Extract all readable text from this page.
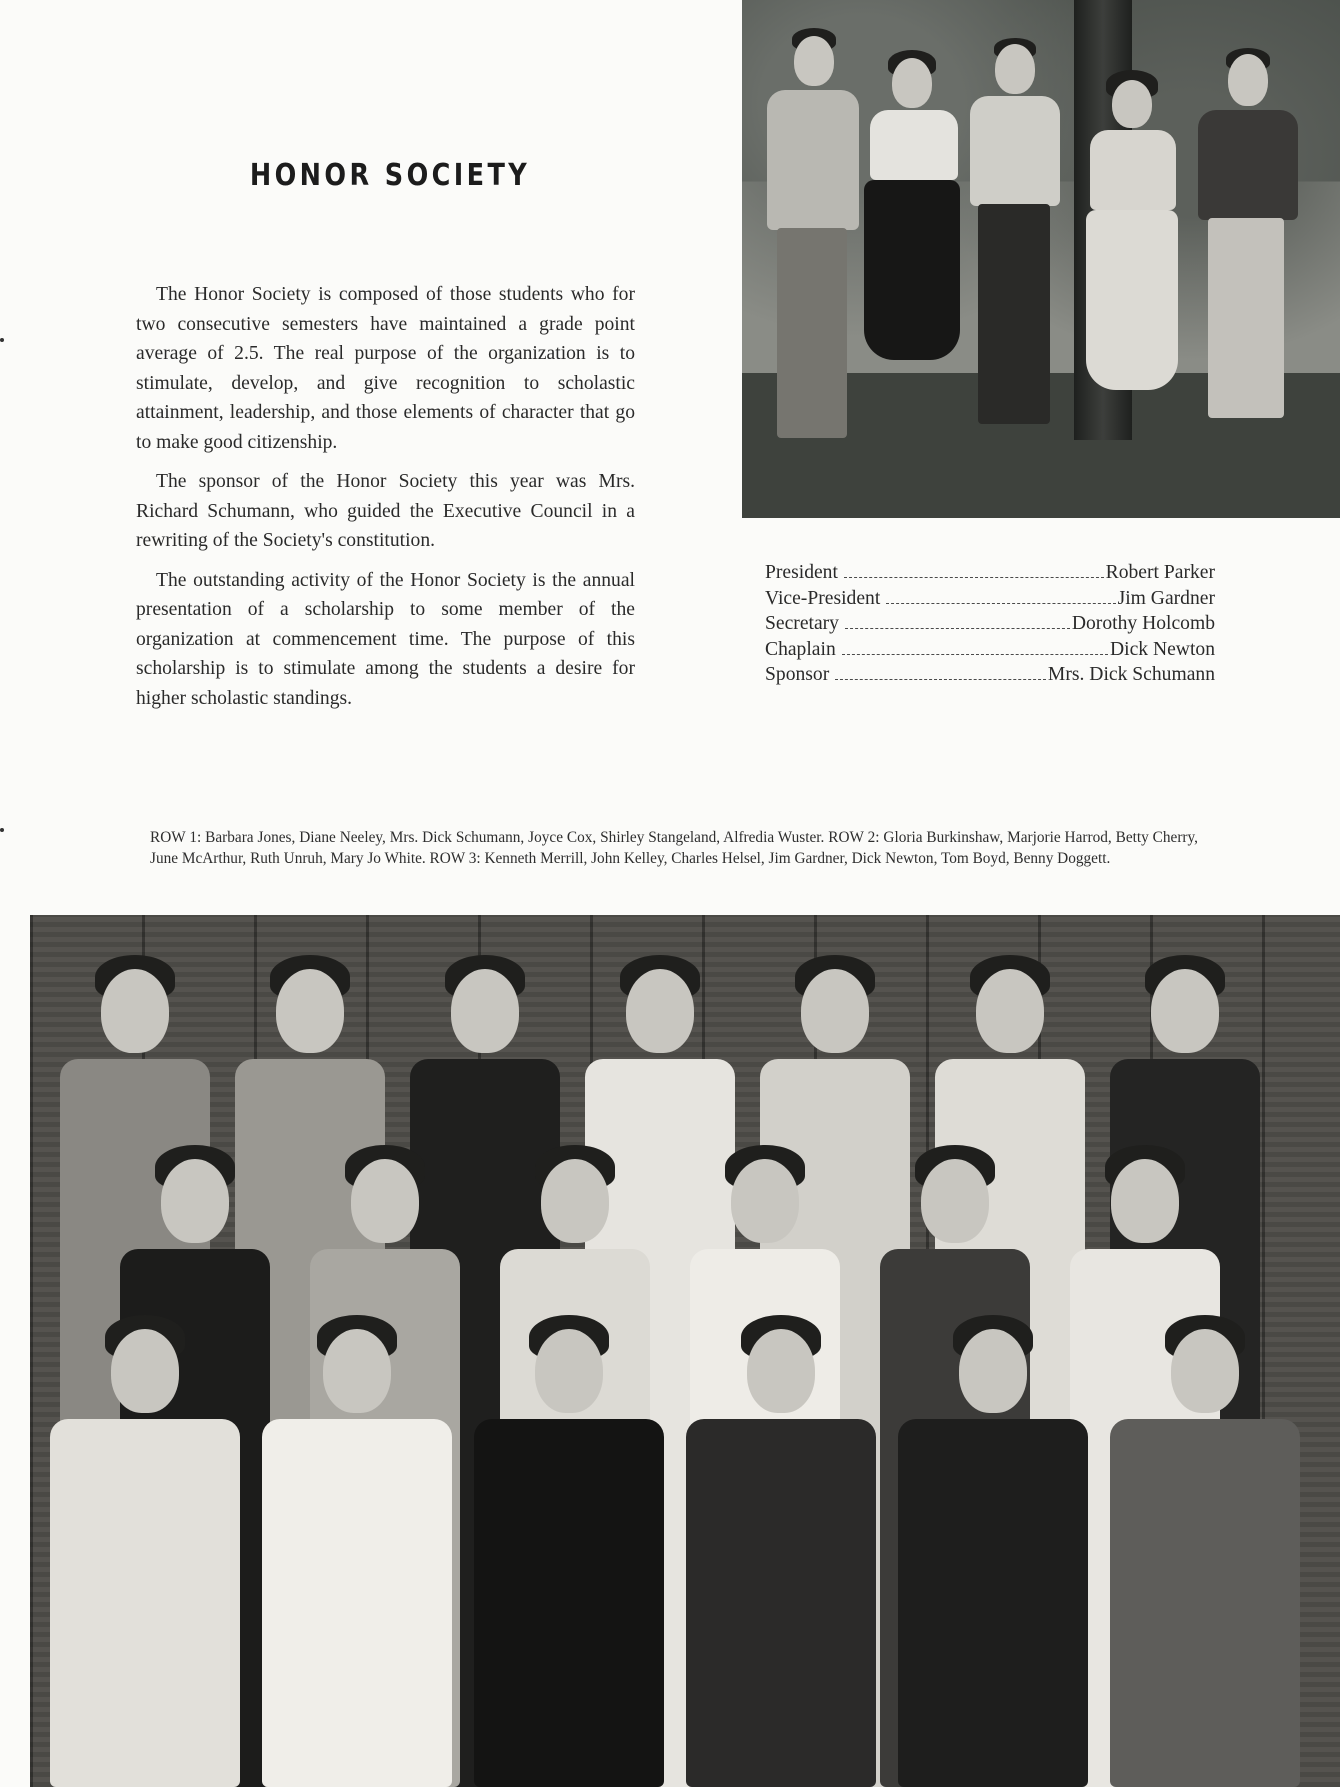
HONOR SOCIETY

The Honor Society is composed of those students who for two consecutive semesters have maintained a grade point average of 2.5. The real purpose of the organization is to stimulate, develop, and give recognition to scholastic attainment, leadership, and those elements of character that go to make good citizenship.

The sponsor of the Honor Society this year was Mrs. Richard Schumann, who guided the Executive Council in a rewriting of the Society's constitution.

The outstanding activity of the Honor Society is the annual presentation of a scholarship to some member of the organization at commencement time. The purpose of this scholarship is to stimulate among the students a desire for higher scholastic standings.

President	Robert Parker
Vice-President	Jim Gardner
Secretary	Dorothy Holcomb
Chaplain	Dick Newton
Sponsor	Mrs. Dick Schumann
ROW 1: Barbara Jones, Diane Neeley, Mrs. Dick Schumann, Joyce Cox, Shirley Stangeland, Alfredia Wuster. ROW 2: Gloria Burkinshaw, Marjorie Harrod, Betty Cherry, June McArthur, Ruth Unruh, Mary Jo White. ROW 3: Kenneth Merrill, John Kelley, Charles Helsel, Jim Gardner, Dick Newton, Tom Boyd, Benny Doggett.
